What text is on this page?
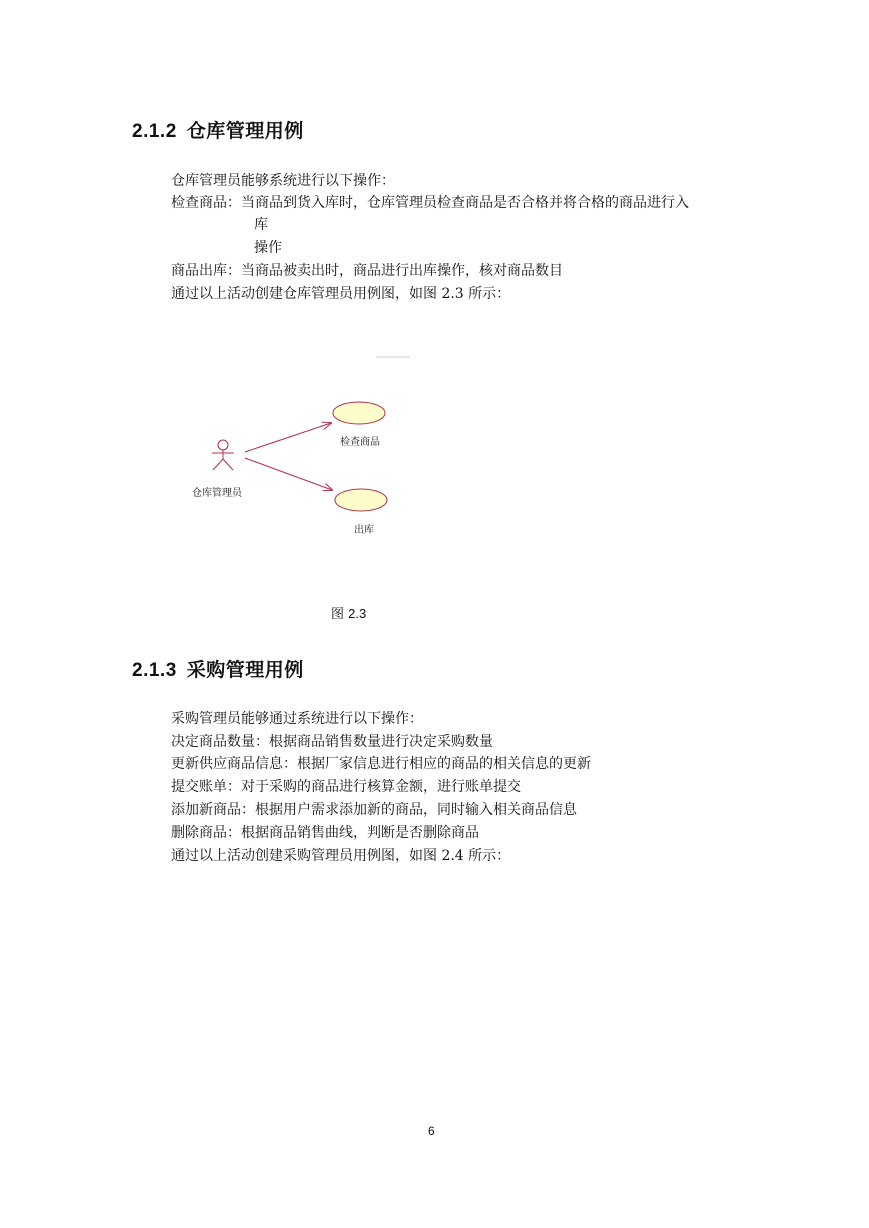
2.1.2 仓库管理用例

仓库管理员能够系统进行以下操作：

检查商品：当商品到货入库时，仓库管理员检查商品是否合格并将合格的商品进行入

库

操作

商品出库：当商品被卖出时，商品进行出库操作，核对商品数目

通过以上活动创建仓库管理员用例图，如图 2.3 所示：

仓库管理员
检查商品
出库
图 2.3
2.1.3 采购管理用例

采购管理员能够通过系统进行以下操作：

决定商品数量：根据商品销售数量进行决定采购数量

更新供应商品信息：根据厂家信息进行相应的商品的相关信息的更新

提交账单：对于采购的商品进行核算金额，进行账单提交

添加新商品：根据用户需求添加新的商品，同时输入相关商品信息

删除商品：根据商品销售曲线，判断是否删除商品

通过以上活动创建采购管理员用例图，如图 2.4 所示：

6
